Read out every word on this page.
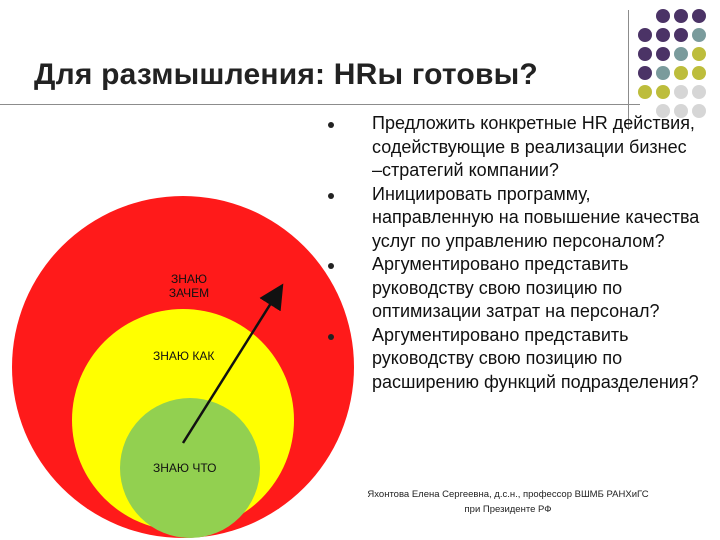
Для размышления: HRы готовы?
ЗНАЮ
ЗАЧЕМ
ЗНАЮ КАК
ЗНАЮ ЧТО
Предложить конкретные HR действия, содействующие в реализации бизнес –стратегий компании?
Инициировать программу, направленную на повышение качества услуг по управлению персоналом?
Аргументировано представить руководству свою позицию по оптимизации затрат на персонал?
Аргументировано представить руководству свою позицию по расширению функций подразделения?
Яхонтова Елена Сергеевна, д.с.н., профессор ВШМБ РАНХиГС
при Президенте РФ
